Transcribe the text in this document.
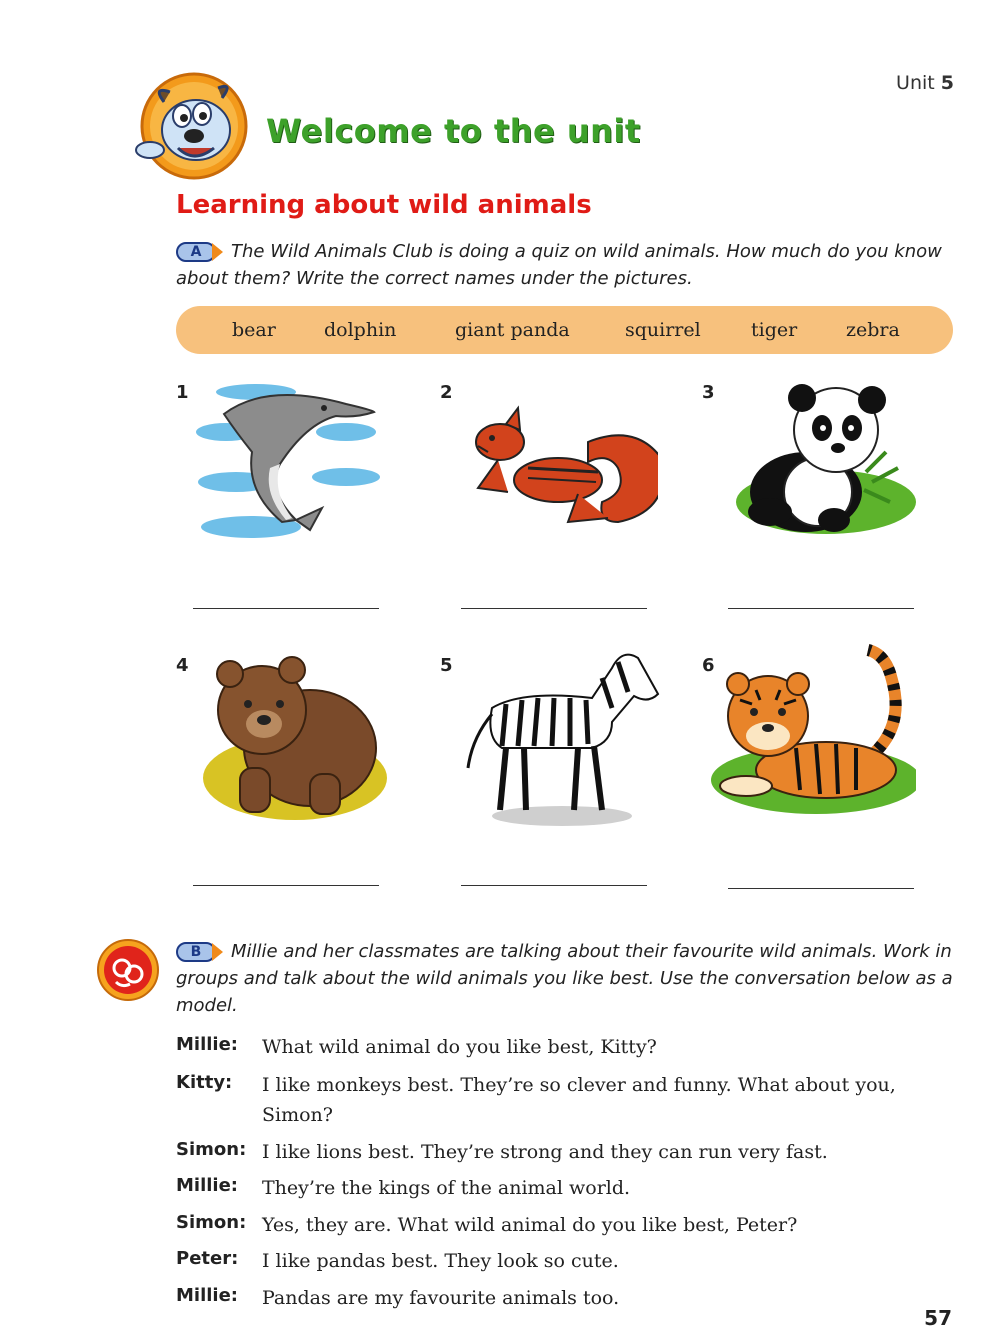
Unit 5
Welcome to the unit
Learning about wild animals
A	The Wild Animals Club is doing a quiz on wild animals. How much do you know about them? Write the correct names under the pictures.
bear	dolphin	giant panda	squirrel	tiger	zebra
1	2	3
4	5	6
B	Millie and her classmates are talking about their favourite wild animals. Work in groups and talk about the wild animals you like best. Use the conversation below as a model.
Millie: What wild animal do you like best, Kitty?
Kitty: I like monkeys best. They’re so clever and funny. What about you, Simon?
Simon: I like lions best. They’re strong and they can run very fast.
Millie: They’re the kings of the animal world.
Simon: Yes, they are. What wild animal do you like best, Peter?
Peter: I like pandas best. They look so cute.
Millie: Pandas are my favourite animals too.
57
